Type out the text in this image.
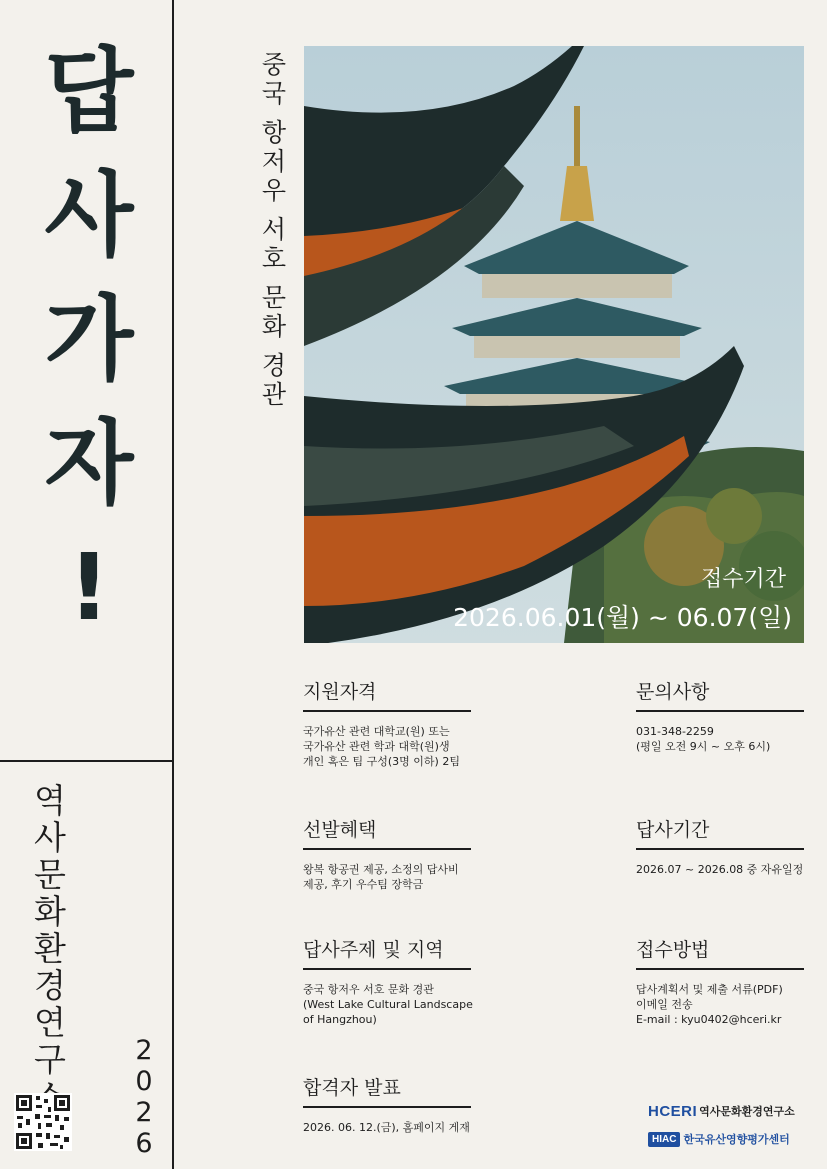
답
사
가
자
!
역
사
문
화
환
경
연
구	2
0
2
6
중
국
항
저
우
서
호
문
화
경
관
접수기간
2026.06.01(월) ~ 06.07(일)
지원자격
국가유산 관련 대학교(원) 또는
국가유산 관련 학과 대학(원)생
개인 혹은 팀 구성(3명 이하) 2팀
문의사항
031-348-2259
(평일 오전 9시 ~ 오후 6시)
선발혜택
왕복 항공권 제공, 소정의 답사비
제공, 후기 우수팀 장학금
답사기간
2026.07 ~ 2026.08 중 자유일정
답사주제 및 지역
중국 항저우 서호 문화 경관
(West Lake Cultural Landscape
of Hangzhou)
접수방법
답사계획서 및 제출 서류(PDF)
이메일 전송
E-mail : kyu0402@hceri.kr
합격자 발표
2026. 06. 12.(금), 홈페이지 게재
HCERI 역사문화환경연구소
HIAC 한국유산영향평가센터
